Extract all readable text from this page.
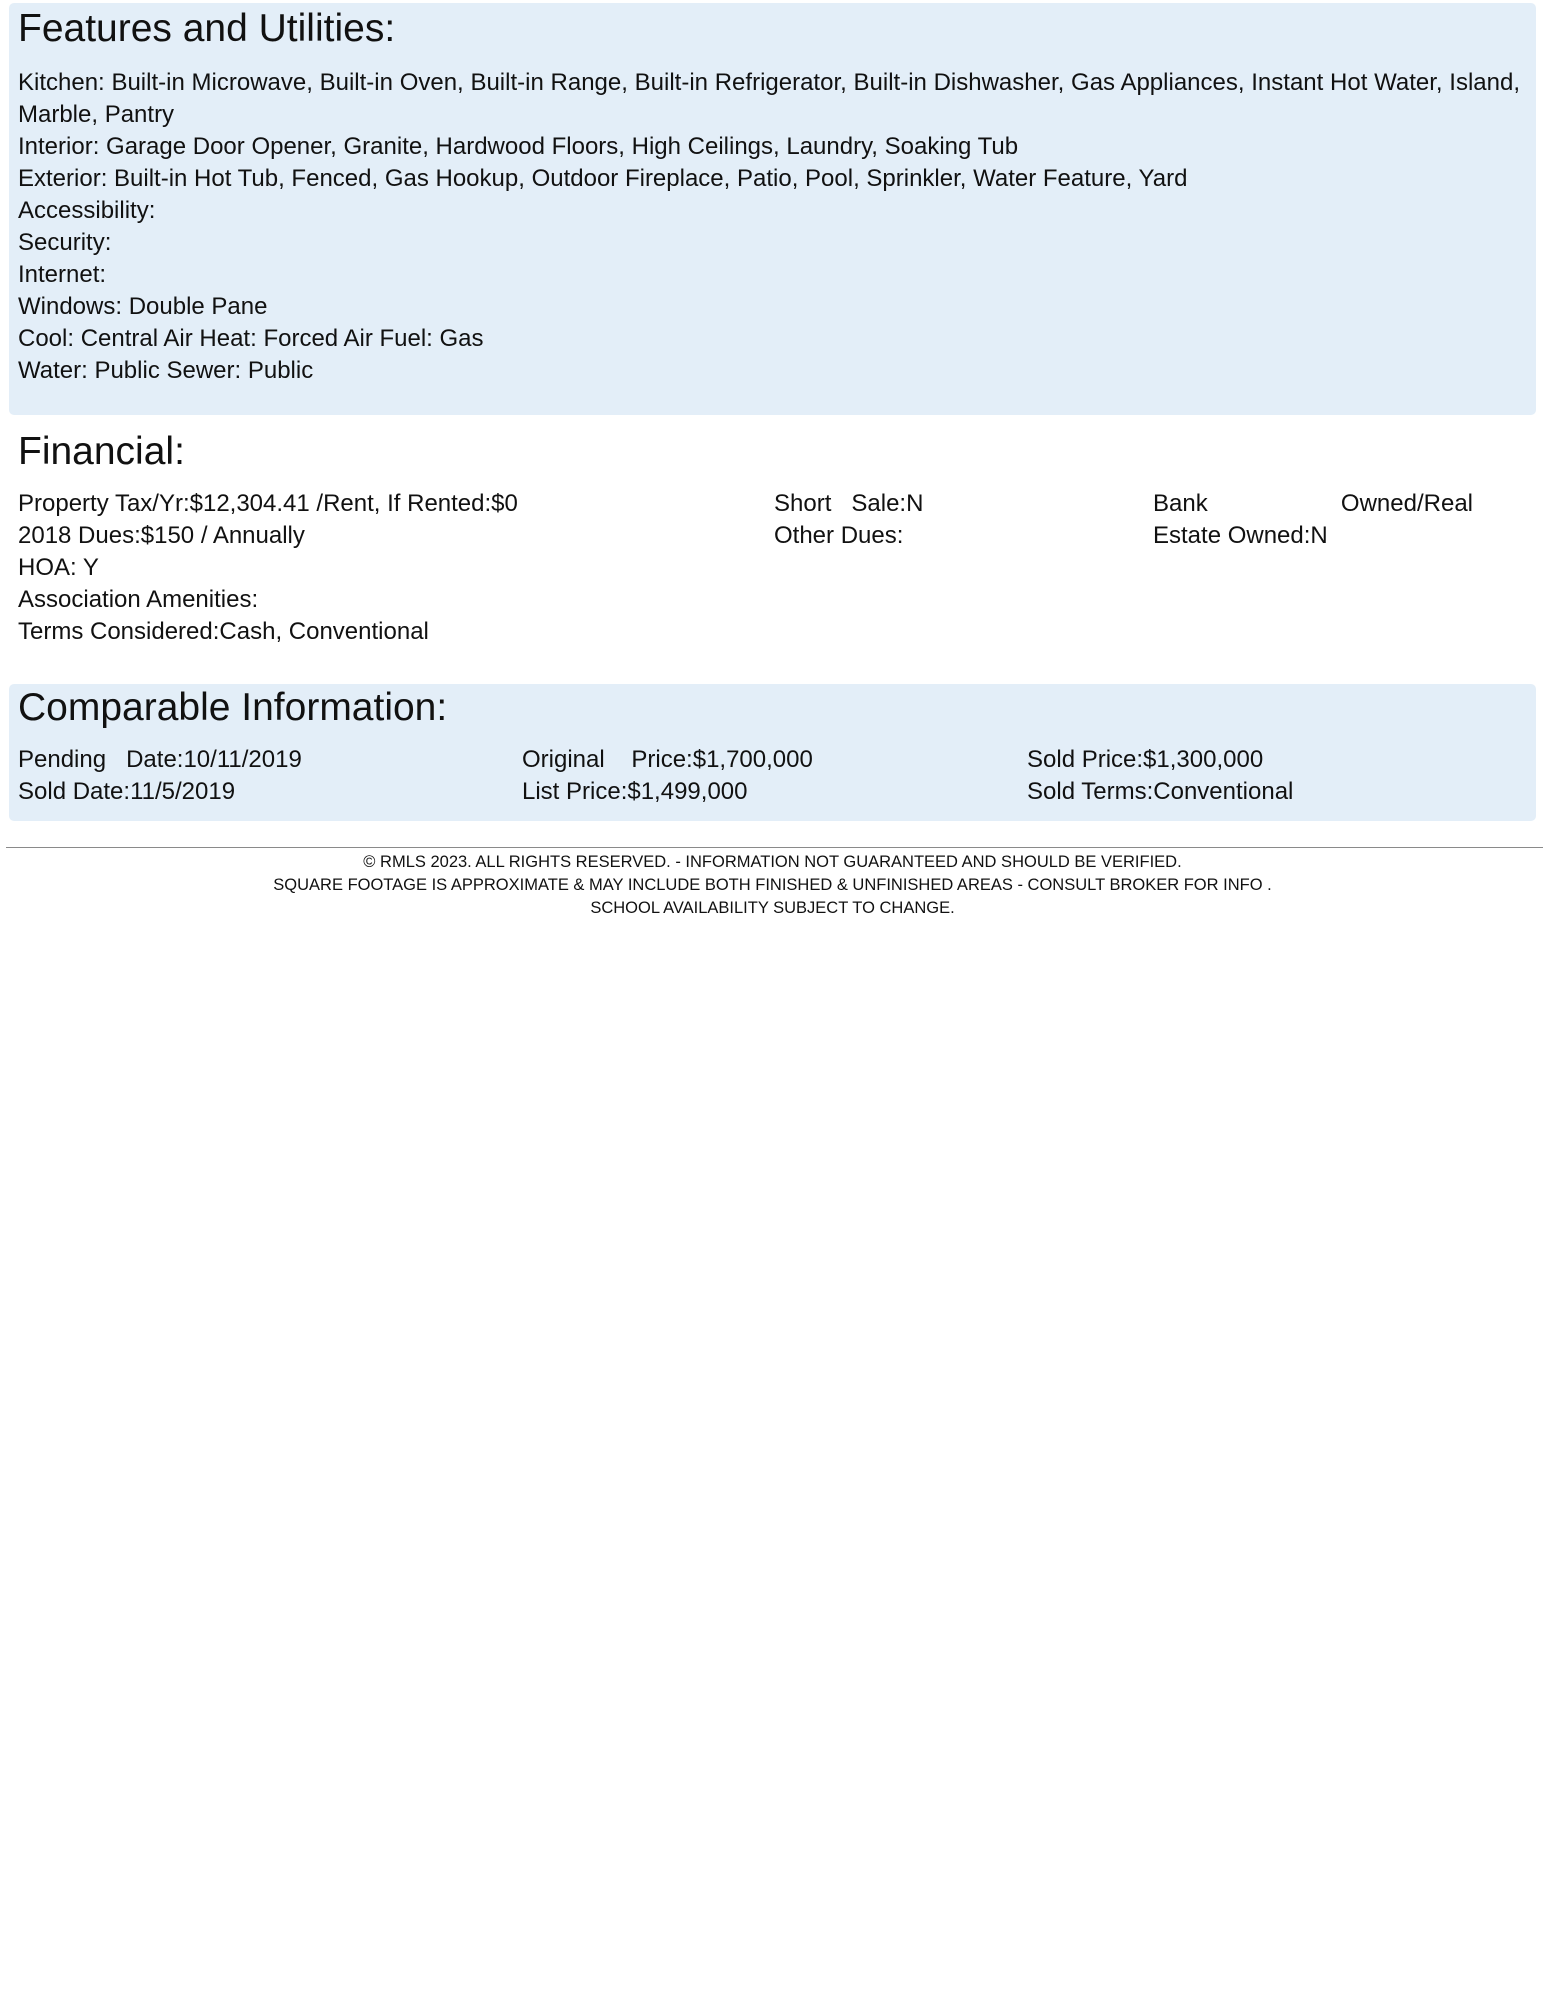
Features and Utilities:

Kitchen: Built-in Microwave, Built-in Oven, Built-in Range, Built-in Refrigerator, Built-in Dishwasher, Gas Appliances, Instant Hot Water, Island, Marble, Pantry

Interior: Garage Door Opener, Granite, Hardwood Floors, High Ceilings, Laundry, Soaking Tub

Exterior: Built-in Hot Tub, Fenced, Gas Hookup, Outdoor Fireplace, Patio, Pool, Sprinkler, Water Feature, Yard

Accessibility:

Security:

Internet:

Windows: Double Pane

Cool: Central Air Heat: Forced Air Fuel: Gas

Water: Public Sewer: Public

Financial:

Property Tax/Yr:$12,304.41 /Rent, If Rented:$0

2018 Dues:$150 / Annually

HOA: Y

Association Amenities:

Terms Considered:Cash, Conventional

Short Sale:N

Other Dues:

Bank	Owned/Real

Estate Owned:N

Comparable Information:

Pending Date:10/11/2019

Sold Date:11/5/2019

Original Price:$1,700,000

List Price:$1,499,000

Sold Price:$1,300,000

Sold Terms:Conventional

© RMLS 2023. ALL RIGHTS RESERVED. - INFORMATION NOT GUARANTEED AND SHOULD BE VERIFIED.
SQUARE FOOTAGE IS APPROXIMATE & MAY INCLUDE BOTH FINISHED & UNFINISHED AREAS - CONSULT BROKER FOR INFO .
SCHOOL AVAILABILITY SUBJECT TO CHANGE.
